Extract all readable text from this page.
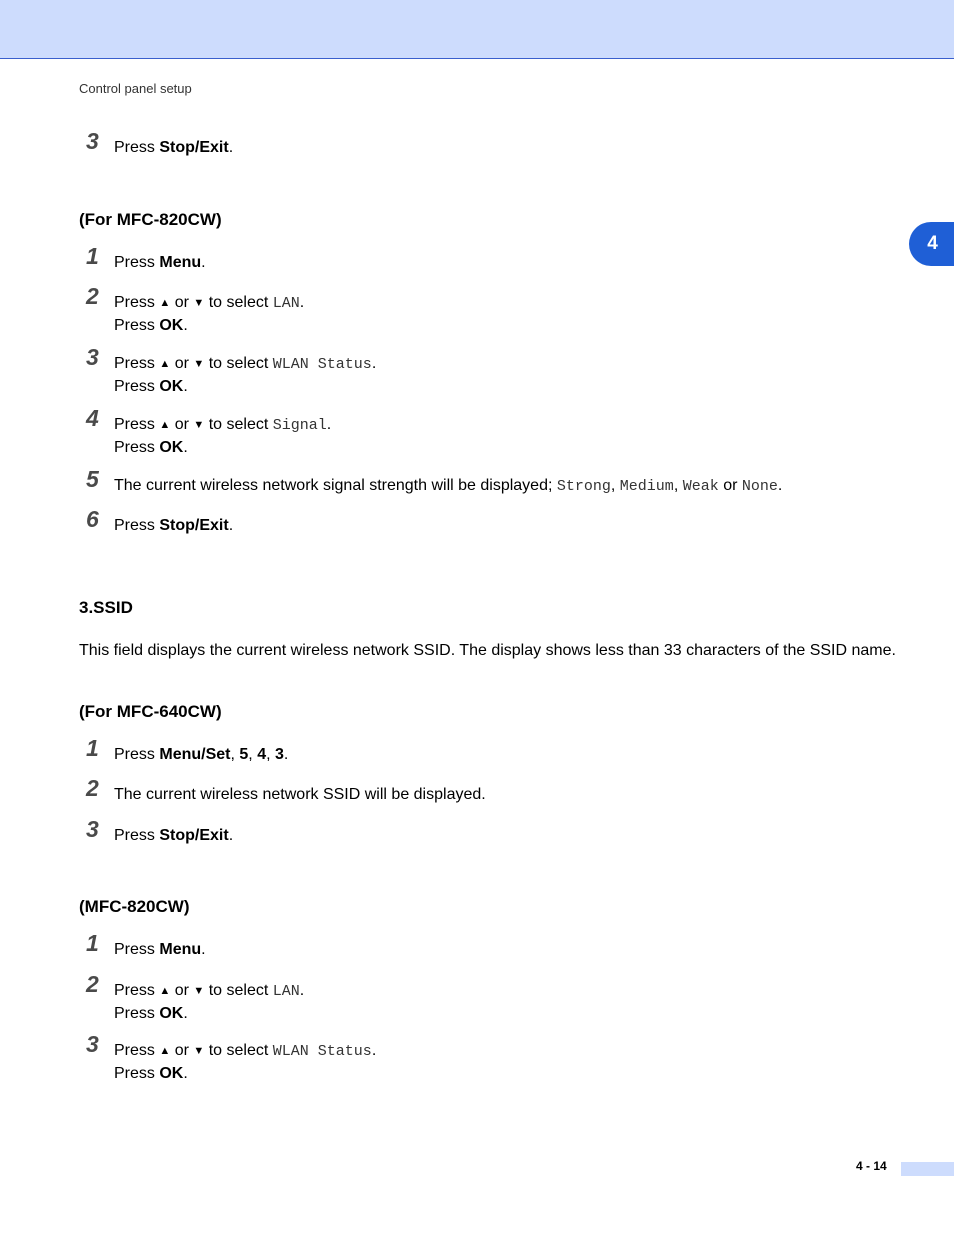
Control panel setup
4
3 Press Stop/Exit.
(For MFC-820CW)
1 Press Menu.
2 Press ▲ or ▼ to select LAN.
Press OK.
3 Press ▲ or ▼ to select WLAN Status.
Press OK.
4 Press ▲ or ▼ to select Signal.
Press OK.
5 The current wireless network signal strength will be displayed; Strong, Medium, Weak or None.
6 Press Stop/Exit.
3.SSID
This field displays the current wireless network SSID. The display shows less than 33 characters of the SSID name.
(For MFC-640CW)
1 Press Menu/Set, 5, 4, 3.
2 The current wireless network SSID will be displayed.
3 Press Stop/Exit.
(MFC-820CW)
1 Press Menu.
2 Press ▲ or ▼ to select LAN.
Press OK.
3 Press ▲ or ▼ to select WLAN Status.
Press OK.
4 - 14
